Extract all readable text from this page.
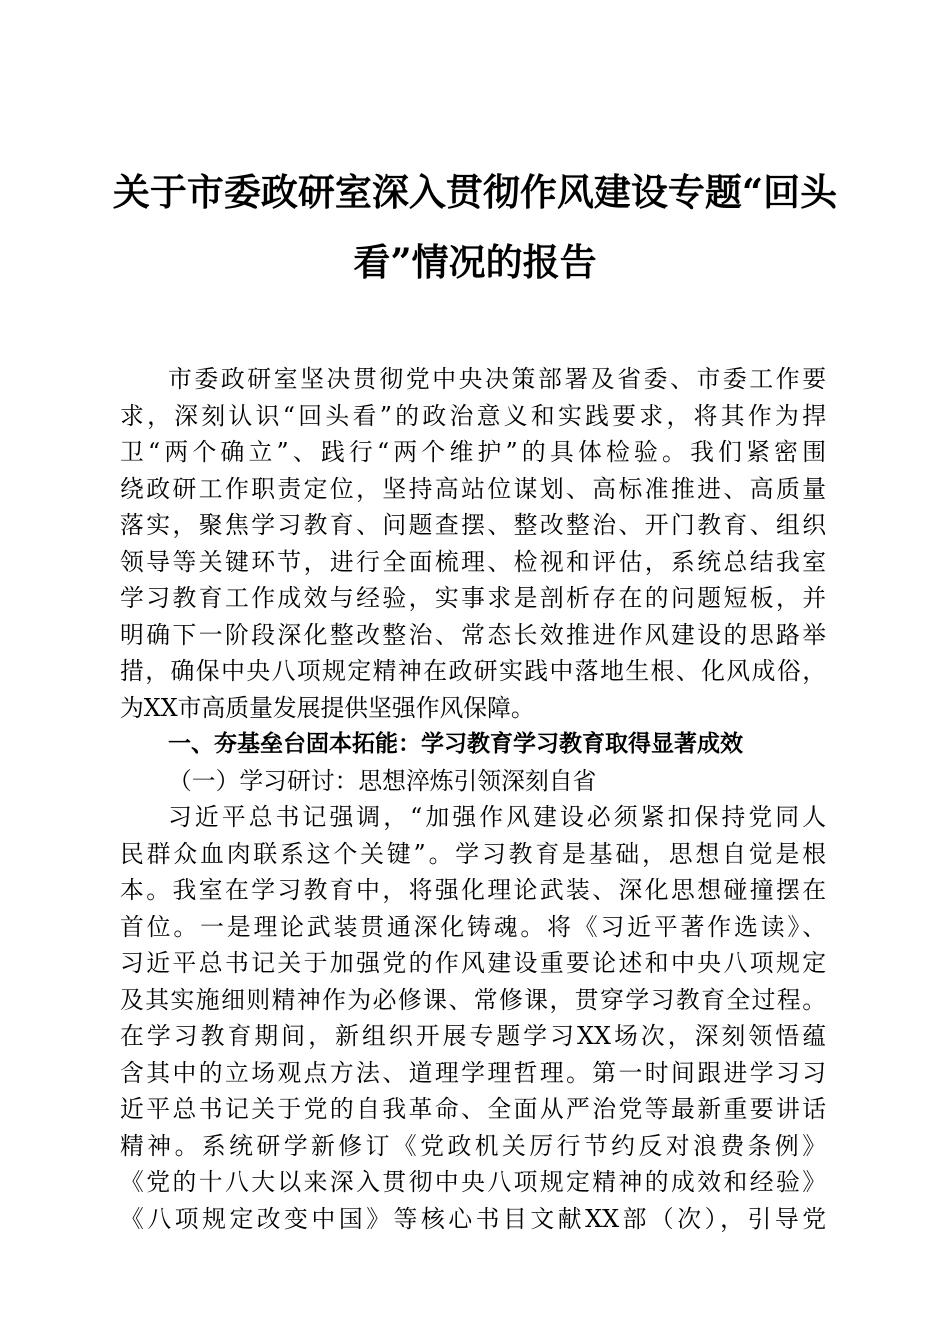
关于市委政研室深入贯彻作风建设专题“回头
看”情况的报告
市委政研室坚决贯彻党中央决策部署及省委、市委工作要
求，深刻认识“回头看”的政治意义和实践要求，将其作为捍
卫“两个确立”、践行“两个维护”的具体检验。我们紧密围
绕政研工作职责定位，坚持高站位谋划、高标准推进、高质量
落实，聚焦学习教育、问题查摆、整改整治、开门教育、组织
领导等关键环节，进行全面梳理、检视和评估，系统总结我室
学习教育工作成效与经验，实事求是剖析存在的问题短板，并
明确下一阶段深化整改整治、常态长效推进作风建设的思路举
措，确保中央八项规定精神在政研实践中落地生根、化风成俗，
为XX市高质量发展提供坚强作风保障。
一、夯基垒台固本拓能：学习教育学习教育取得显著成效
（一）学习研讨：思想淬炼引领深刻自省
习近平总书记强调，“加强作风建设必须紧扣保持党同人
民群众血肉联系这个关键”。学习教育是基础，思想自觉是根
本。我室在学习教育中，将强化理论武装、深化思想碰撞摆在
首位。一是理论武装贯通深化铸魂。将《习近平著作选读》、
习近平总书记关于加强党的作风建设重要论述和中央八项规定
及其实施细则精神作为必修课、常修课，贯穿学习教育全过程。
在学习教育期间，新组织开展专题学习XX场次，深刻领悟蕴
含其中的立场观点方法、道理学理哲理。第一时间跟进学习习
近平总书记关于党的自我革命、全面从严治党等最新重要讲话
精神。系统研学新修订《党政机关厉行节约反对浪费条例》
《党的十八大以来深入贯彻中央八项规定精神的成效和经验》
《八项规定改变中国》等核心书目文献XX部（次），引导党
